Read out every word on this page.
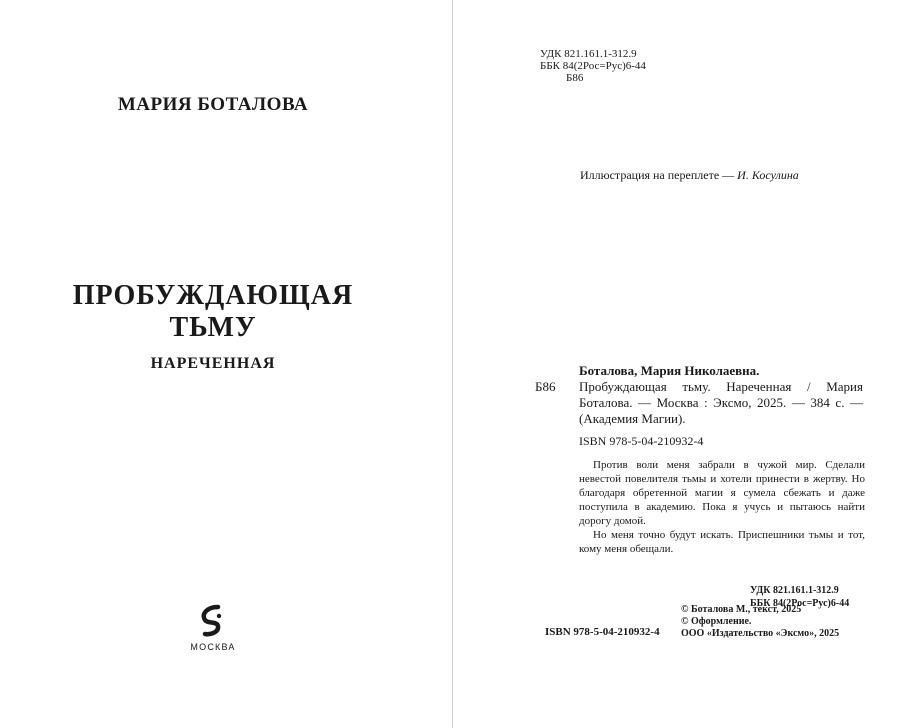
МАРИЯ БОТАЛОВА
ПРОБУЖДАЮЩАЯ
ТЬМУ
НАРЕЧЕННАЯ
МОСКВА
УДК 821.161.1-312.9
ББК 84(2Рос=Рус)6-44
Б86
Иллюстрация на переплете — И. Косулина
Боталова, Мария Николаевна.
Б86 Пробуждающая тьму. Нареченная / Мария Боталова. — Москва : Эксмо, 2025. — 384 с. — (Академия Магии).
ISBN 978-5-04-210932-4

Против воли меня забрали в чужой мир. Сделали невестой повелителя тьмы и хотели принести в жертву. Но благодаря обретенной магии я сумела сбежать и даже поступила в академию. Пока я учусь и пытаюсь найти дорогу домой.

Но меня точно будут искать. Приспешники тьмы и тот, кому меня обещали.

УДК 821.161.1-312.9
ББК 84(2Рос=Рус)6-44
ISBN 978-5-04-210932-4
© Боталова М., текст, 2025
© Оформление.
ООО «Издательство «Эксмо», 2025
